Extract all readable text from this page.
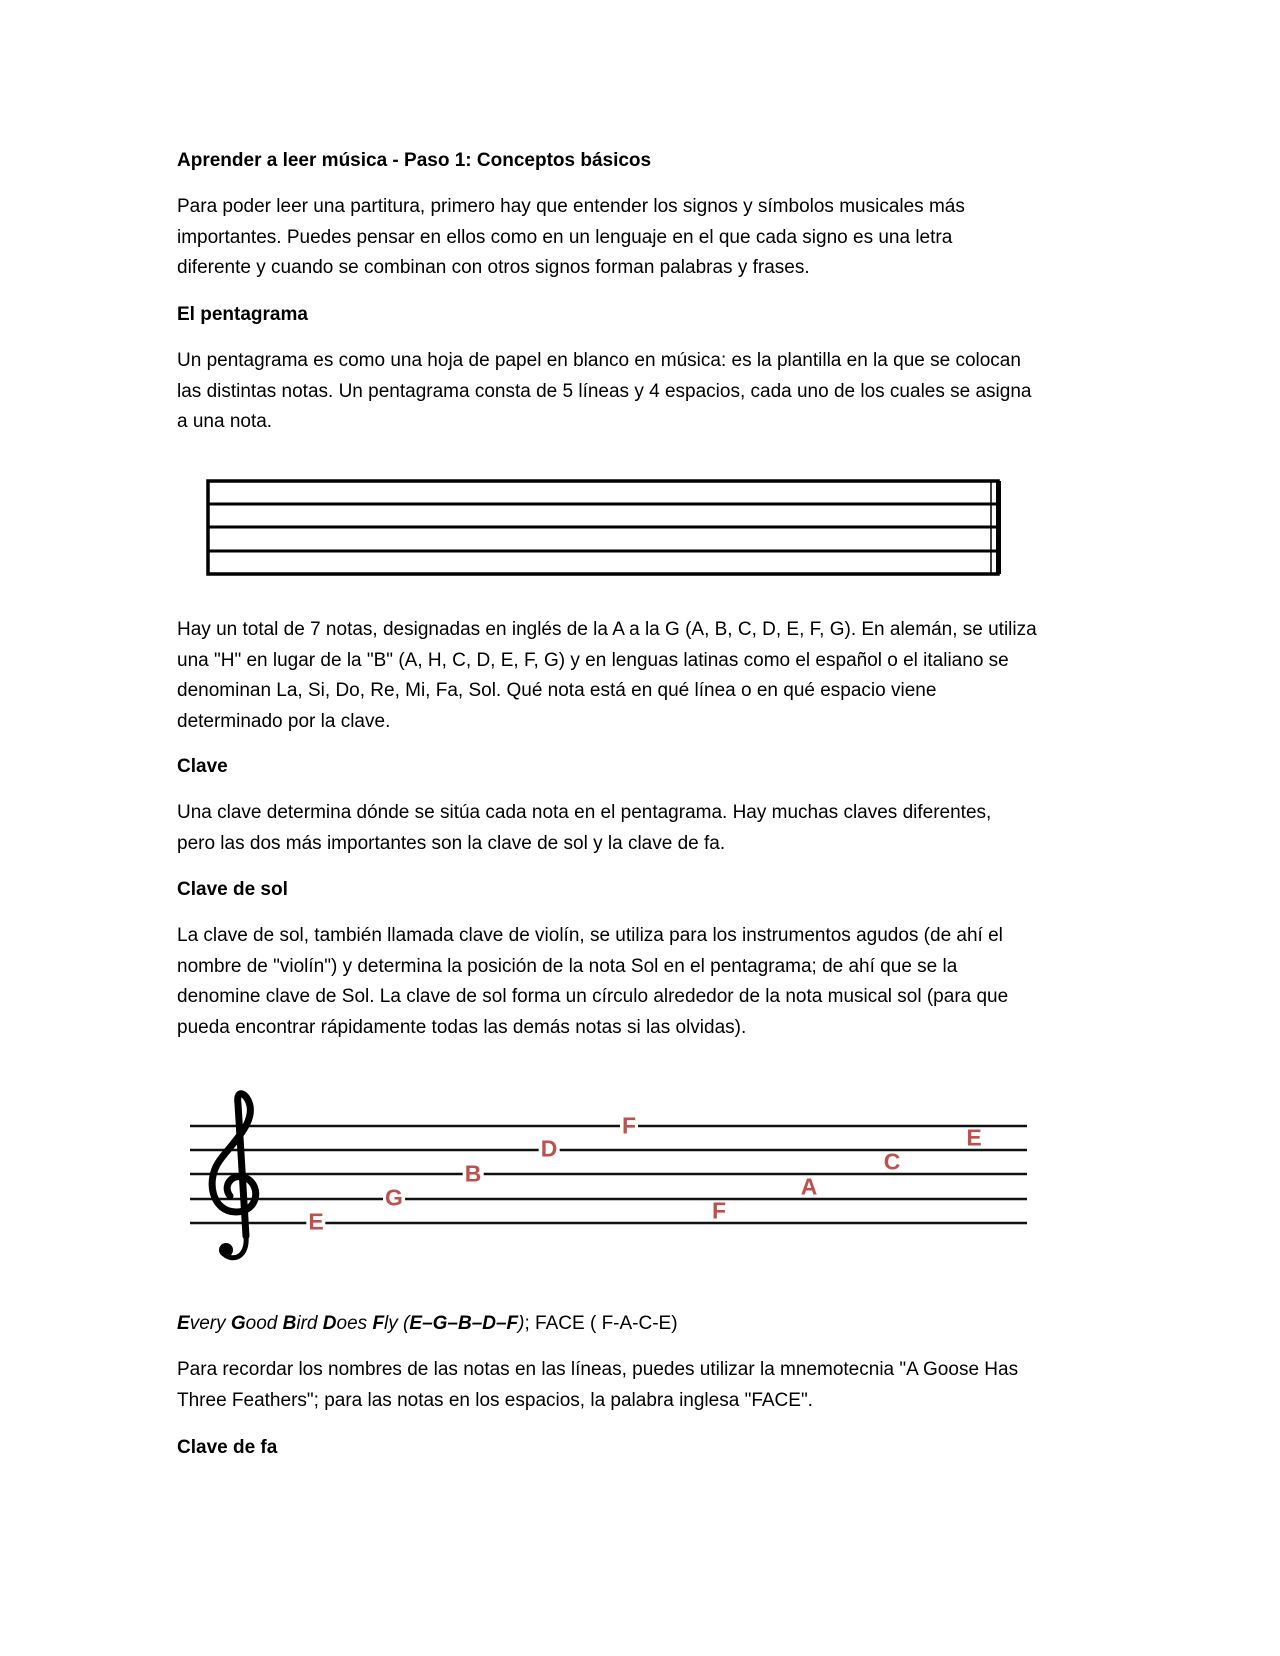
Aprender a leer música - Paso 1: Conceptos básicos
Para poder leer una partitura, primero hay que entender los signos y símbolos musicales más
importantes. Puedes pensar en ellos como en un lenguaje en el que cada signo es una letra
diferente y cuando se combinan con otros signos forman palabras y frases.
El pentagrama
Un pentagrama es como una hoja de papel en blanco en música: es la plantilla en la que se colocan
las distintas notas. Un pentagrama consta de 5 líneas y 4 espacios, cada uno de los cuales se asigna
a una nota.
E
G
B
D
F
F
A
C
E
Hay un total de 7 notas, designadas en inglés de la A a la G (A, B, C, D, E, F, G). En alemán, se utiliza
una "H" en lugar de la "B" (A, H, C, D, E, F, G) y en lenguas latinas como el español o el italiano se
denominan La, Si, Do, Re, Mi, Fa, Sol. Qué nota está en qué línea o en qué espacio viene
determinado por la clave.
Clave
Una clave determina dónde se sitúa cada nota en el pentagrama. Hay muchas claves diferentes,
pero las dos más importantes son la clave de sol y la clave de fa.
Clave de sol
La clave de sol, también llamada clave de violín, se utiliza para los instrumentos agudos (de ahí el
nombre de "violín") y determina la posición de la nota Sol en el pentagrama; de ahí que se la
denomine clave de Sol. La clave de sol forma un círculo alrededor de la nota musical sol (para que
pueda encontrar rápidamente todas las demás notas si las olvidas).
Every Good Bird Does Fly (E–G–B–D–F); FACE ( F-A-C-E)
Para recordar los nombres de las notas en las líneas, puedes utilizar la mnemotecnia "A Goose Has
Three Feathers"; para las notas en los espacios, la palabra inglesa "FACE".
Clave de fa
